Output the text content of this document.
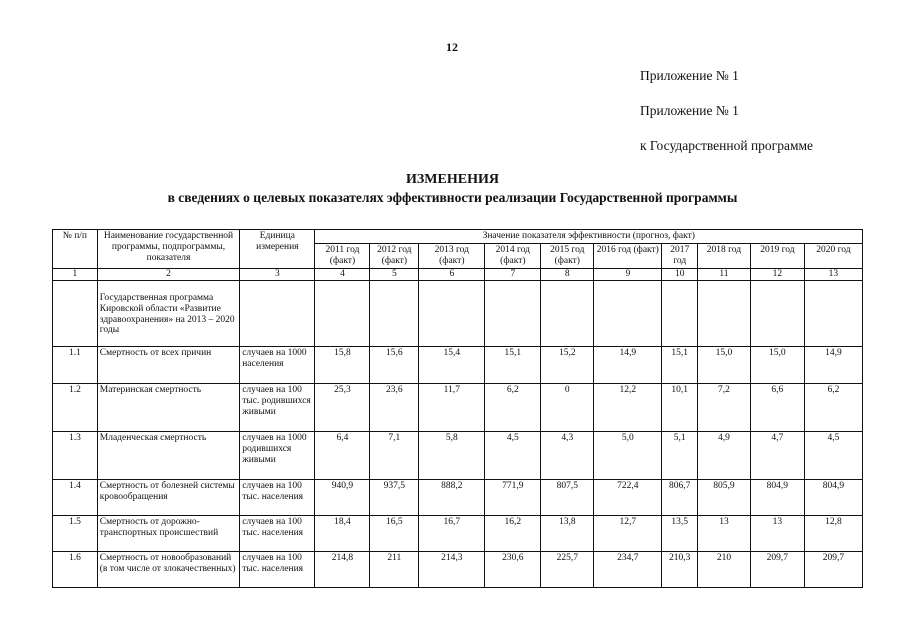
12
Приложение № 1
Приложение № 1
к Государственной программе
ИЗМЕНЕНИЯ
в сведениях о целевых показателях эффективности реализации Государственной программы
№ п/п	Наименование государственной программы, подпрограммы, показателя	Единица измерения	Значение показателя эффективности (прогноз, факт)									
			2011 год (факт)	2012 год (факт)	2013 год (факт)	2014 год (факт)	2015 год (факт)	2016 год (факт)	2017 год	2018 год	2019 год	2020 год
1	2	3	4	5	6	7	8	9	10	11	12	13
	Государственная программа Кировской области «Развитие здравоохранения» на 2013 – 2020 годы											
1.1	Смертность от всех причин	случаев на 1000 населения	15,8	15,6	15,4	15,1	15,2	14,9	15,1	15,0	15,0	14,9
1.2	Материнская смертность	случаев на 100 тыс. родившихся живыми	25,3	23,6	11,7	6,2	0	12,2	10,1	7,2	6,6	6,2
1.3	Младенческая смертность	случаев на 1000 родившихся живыми	6,4	7,1	5,8	4,5	4,3	5,0	5,1	4,9	4,7	4,5
1.4	Смертность от болезней системы кровообращения	случаев на 100 тыс. населения	940,9	937,5	888,2	771,9	807,5	722,4	806,7	805,9	804,9	804,9
1.5	Смертность от дорожно-транспортных происшествий	случаев на 100 тыс. населения	18,4	16,5	16,7	16,2	13,8	12,7	13,5	13	13	12,8
1.6	Смертность от новообразований (в том числе от злокачественных)	случаев на 100 тыс. населения	214,8	211	214,3	230,6	225,7	234,7	210,3	210	209,7	209,7
